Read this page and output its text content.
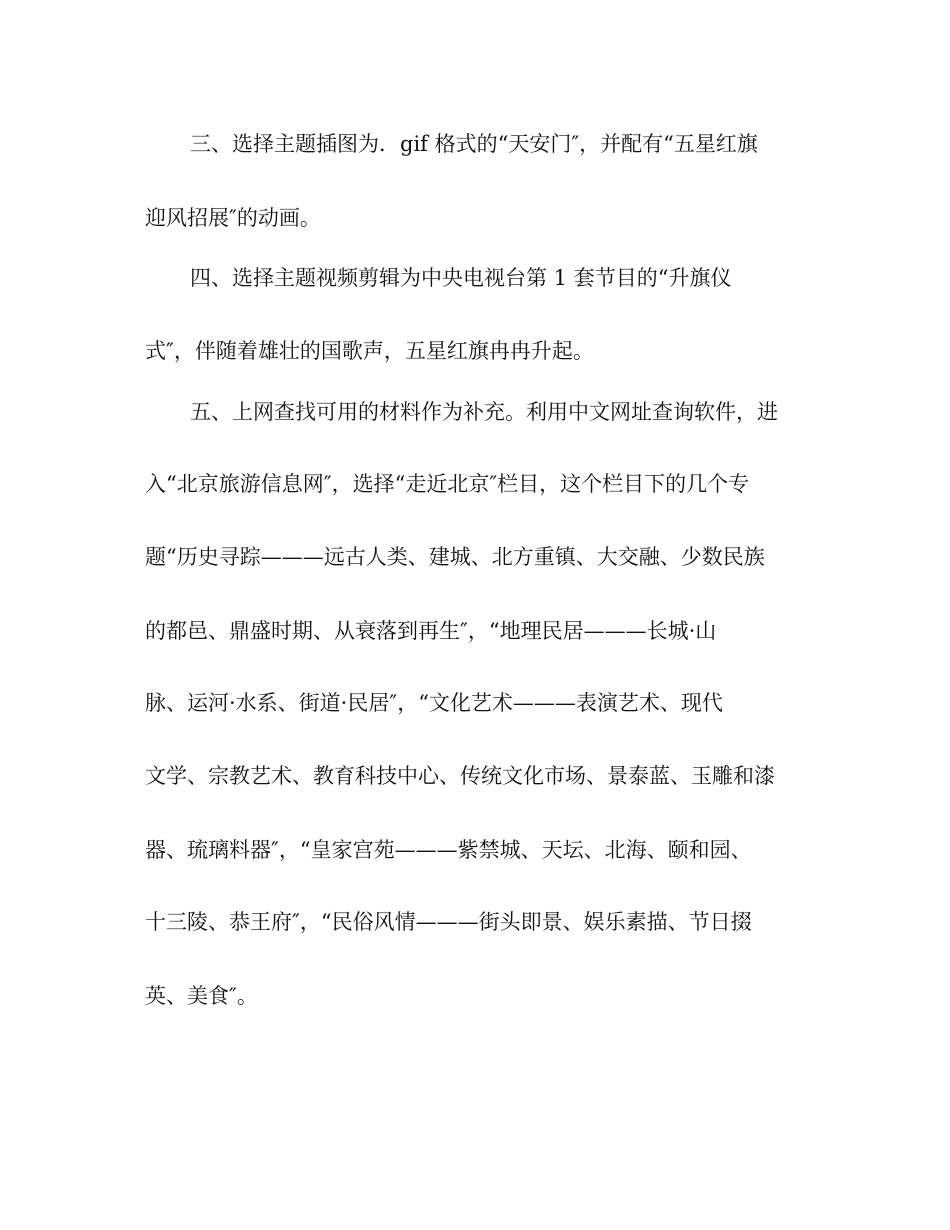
三、选择主题插图为．gif 格式的“天安门″，并配有“五星红旗

迎风招展″的动画。

四、选择主题视频剪辑为中央电视台第 1 套节目的“升旗仪

式″，伴随着雄壮的国歌声，五星红旗冉冉升起。

五、上网查找可用的材料作为补充。利用中文网址查询软件，进

入“北京旅游信息网″，选择“走近北京″栏目，这个栏目下的几个专

题“历史寻踪———远古人类、建城、北方重镇、大交融、少数民族

的都邑、鼎盛时期、从衰落到再生″，“地理民居———长城·山

脉、运河·水系、街道·民居″，“文化艺术———表演艺术、现代

文学、宗教艺术、教育科技中心、传统文化市场、景泰蓝、玉雕和漆

器、琉璃料器″，“皇家宫苑———紫禁城、天坛、北海、颐和园、

十三陵、恭王府″，“民俗风情———街头即景、娱乐素描、节日掇

英、美食″。
